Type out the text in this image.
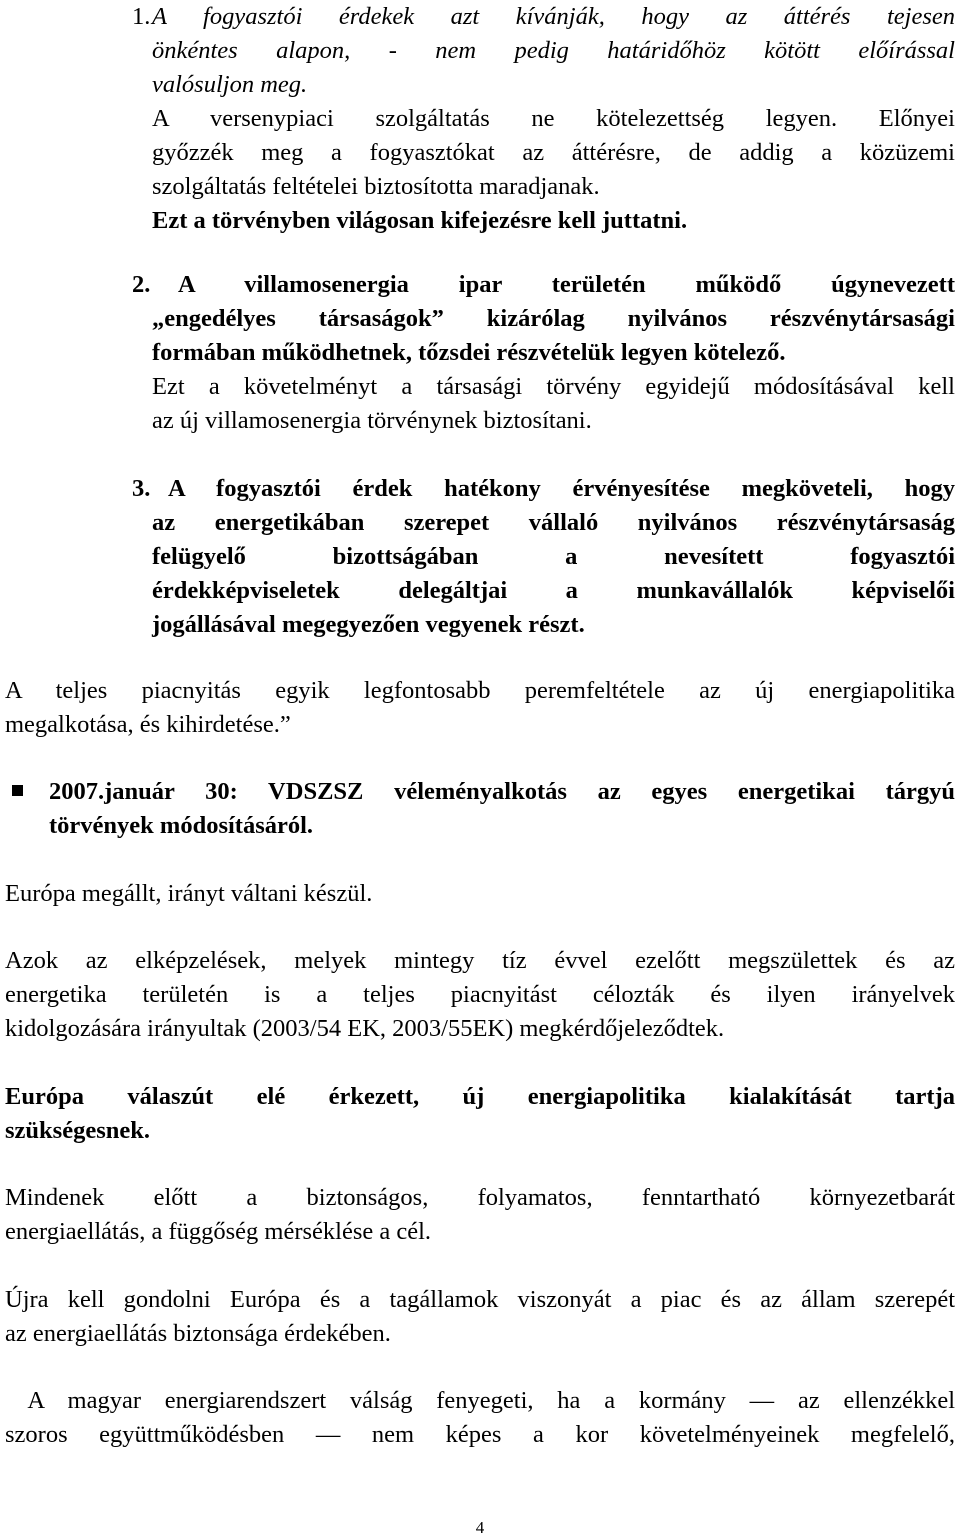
1. A fogyasztói érdekek azt kívánják, hogy az áttérés tejesen
önkéntes alapon, - nem pedig határidőhöz kötött előírással
valósuljon meg.
A versenypiaci szolgáltatás ne kötelezettség legyen. Előnyei
győzzék meg a fogyasztókat az áttérésre, de addig a közüzemi
szolgáltatás feltételei biztosította maradjanak.
Ezt a törvényben világosan kifejezésre kell juttatni.
2.	A villamosenergia ipar területén működő úgynevezett
„engedélyes társaságok” kizárólag nyilvános részvénytársasági
formában működhetnek, tőzsdei részvételük legyen kötelező.
Ezt a követelményt a társasági törvény egyidejű módosításával kell
az új villamosenergia törvénynek biztosítani.
3. A fogyasztói érdek hatékony érvényesítése megköveteli, hogy
az energetikában szerepet vállaló nyilvános részvénytársaság
felügyelő bizottságában a nevesített fogyasztói
érdekképviseletek delegáltjai a munkavállalók képviselői
jogállásával megegyezően vegyenek részt.
A teljes piacnyitás egyik legfontosabb peremfeltétele az új energiapolitika
megalkotása, és kihirdetése.”
2007.január 30: VDSZSZ véleményalkotás az egyes energetikai tárgyú
törvények módosításáról.
Európa megállt, irányt váltani készül.
Azok az elképzelések, melyek mintegy tíz évvel ezelőtt megszülettek és az
energetika területén is a teljes piacnyitást célozták és ilyen irányelvek
kidolgozására irányultak (2003/54 EK, 2003/55EK) megkérdőjeleződtek.
Európa válaszút elé érkezett, új energiapolitika kialakítását tartja
szükségesnek.
Mindenek előtt a biztonságos, folyamatos, fenntartható környezetbarát
energiaellátás, a függőség mérséklése a cél.
Újra kell gondolni Európa és a tagállamok viszonyát a piac és az állam szerepét
az energiaellátás biztonsága érdekében.
A magyar energiarendszert válság fenyegeti, ha a kormány — az ellenzékkel
szoros együttműködésben — nem képes a kor követelményeinek megfelelő,
4
